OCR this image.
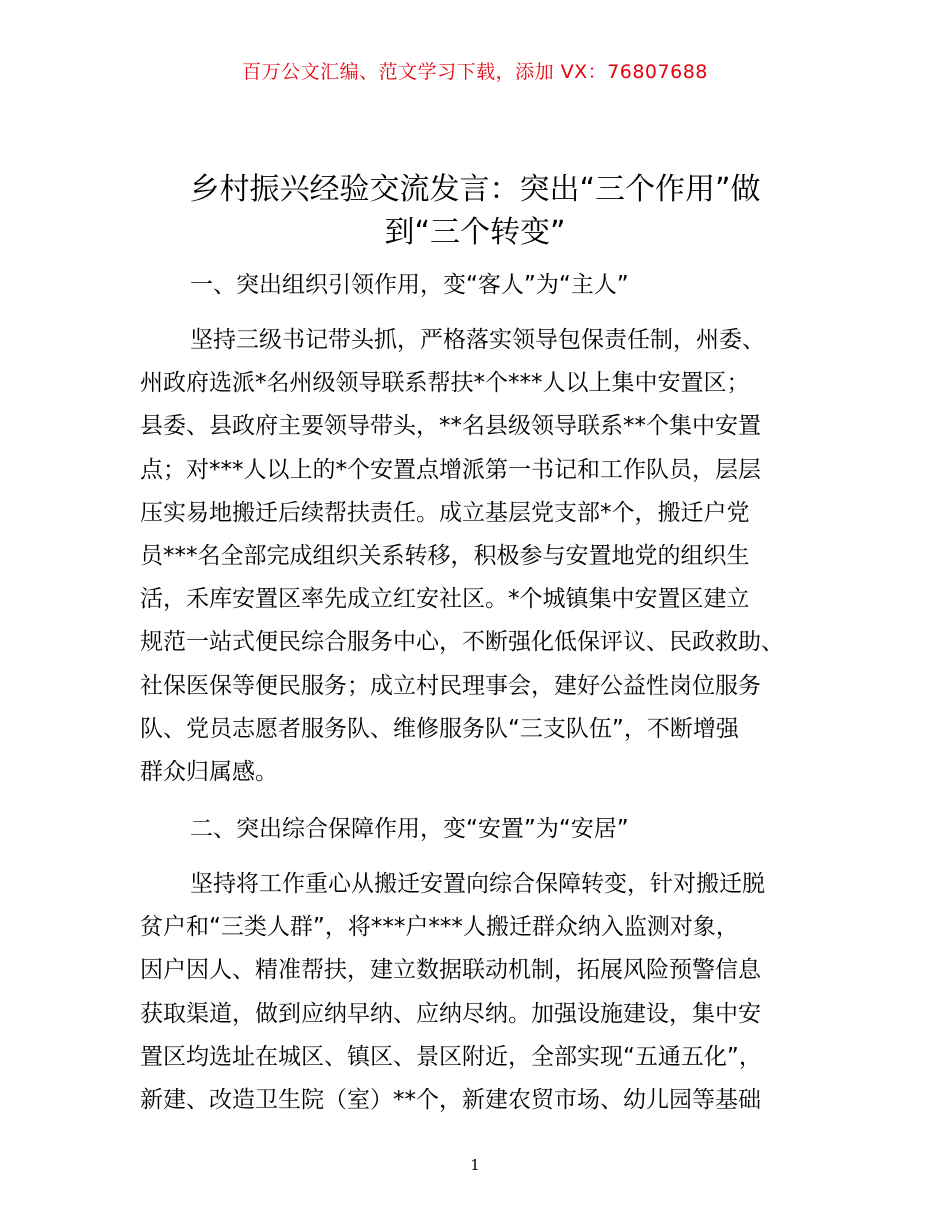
百万公文汇编、范文学习下载，添加 VX：76807688
乡村振兴经验交流发言：突出“三个作用”做
到“三个转变”
一、突出组织引领作用，变“客人”为“主人”
坚持三级书记带头抓，严格落实领导包保责任制，州委、
州政府选派*名州级领导联系帮扶*个***人以上集中安置区；
县委、县政府主要领导带头，**名县级领导联系**个集中安置
点；对***人以上的*个安置点增派第一书记和工作队员，层层
压实易地搬迁后续帮扶责任。成立基层党支部*个，搬迁户党
员***名全部完成组织关系转移，积极参与安置地党的组织生
活，禾库安置区率先成立红安社区。*个城镇集中安置区建立
规范一站式便民综合服务中心，不断强化低保评议、民政救助、
社保医保等便民服务；成立村民理事会，建好公益性岗位服务
队、党员志愿者服务队、维修服务队“三支队伍”，不断增强
群众归属感。
二、突出综合保障作用，变“安置”为“安居”
坚持将工作重心从搬迁安置向综合保障转变，针对搬迁脱
贫户和“三类人群”，将***户***人搬迁群众纳入监测对象，
因户因人、精准帮扶，建立数据联动机制，拓展风险预警信息
获取渠道，做到应纳早纳、应纳尽纳。加强设施建设，集中安
置区均选址在城区、镇区、景区附近，全部实现“五通五化”，
新建、改造卫生院（室）**个，新建农贸市场、幼儿园等基础
1
